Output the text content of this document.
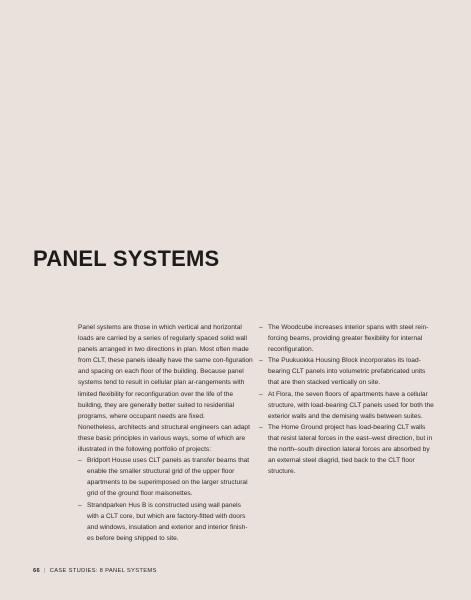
PANEL SYSTEMS

Panel systems are those in which vertical and horizontal loads are carried by a series of regularly spaced solid wall panels arranged in two directions in plan. Most often made from CLT, these panels ideally have the same con-figuration and spacing on each floor of the building. Because panel systems tend to result in cellular plan ar-rangements with limited flexibility for reconfiguration over the life of the building, they are generally better suited to residential programs, where occupant needs are fixed.

Nonetheless, architects and structural engineers can adapt these basic principles in various ways, some of which are illustrated in the following portfolio of projects:

– Bridport House uses CLT panels as transfer beams that enable the smaller structural grid of the upper floor apartments to be superimposed on the larger structural grid of the ground floor maisonettes.
– Strandparken Hus B is constructed using wall panels with a CLT core, but which are factory-fitted with doors and windows, insulation and exterior and interior finish-es before being shipped to site.
– The Woodcube increases interior spans with steel rein-forcing beams, providing greater flexibility for internal reconfiguration.
– The Puukuokka Housing Block incorporates its load-bearing CLT panels into volumetric prefabricated units that are then stacked vertically on site.
– At Flora, the seven floors of apartments have a cellular structure, with load-bearing CLT panels used for both the exterior walls and the demising walls between suites.
– The Home Ground project has load-bearing CLT walls that resist lateral forces in the east–west direction, but in the north–south direction lateral forces are absorbed by an external steel diagrid, tied back to the CLT floor structure.
66 | CASE STUDIES: 8 PANEL SYSTEMS
